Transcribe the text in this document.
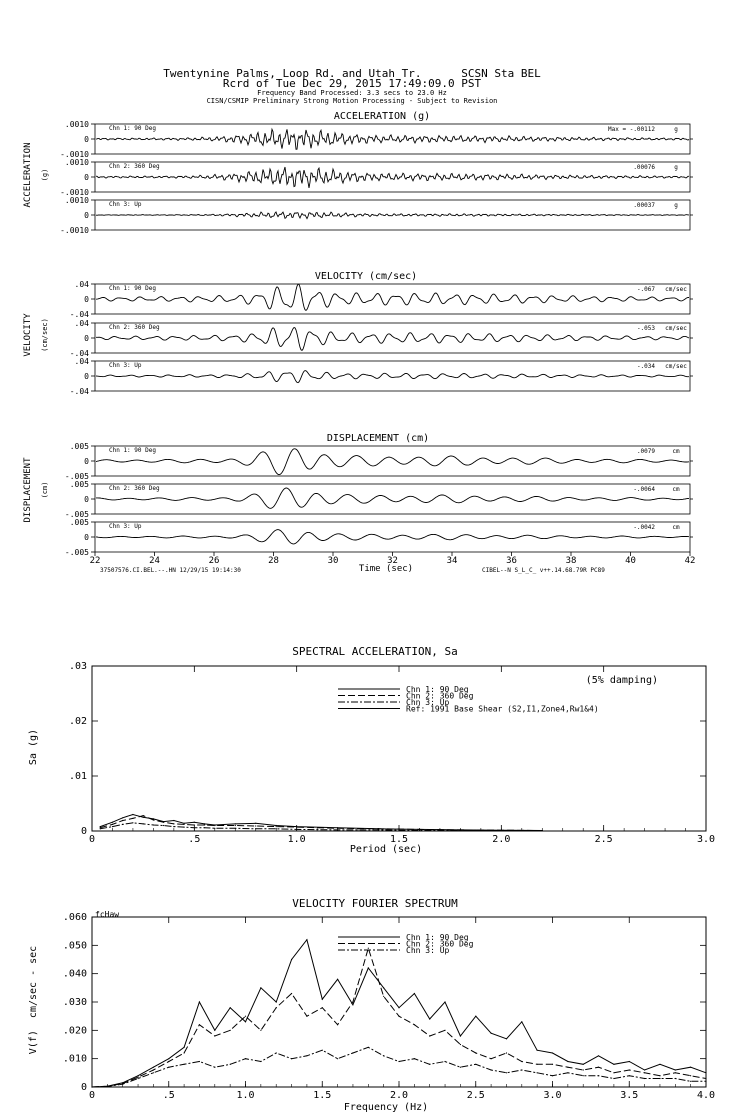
Twentynine Palms, Loop Rd. and Utah Tr.      SCSN Sta BEL
Rcrd of Tue Dec 29, 2015 17:49:09.0 PST
Frequency Band Processed: 3.3 secs to 23.0 Hz
CISN/CSMIP Preliminary Strong Motion Processing - Subject to Revision
ACCELERATION (g)
ACCELERATION (g)
.0010
0
-.0010
Chn 1: 90 Deg	Max = -.00112	g
.0010
0
-.0010
Chn 2: 360 Deg	.00076	g
.0010
0
-.0010
Chn 3: Up	.00037	g
VELOCITY (cm/sec)
VELOCITY (cm/sec)
.04
0
-.04
Chn 1: 90 Deg	-.067 cm/sec
.04
0
-.04
Chn 2: 360 Deg	-.053 cm/sec
.04
0
-.04
Chn 3: Up	-.034 cm/sec
DISPLACEMENT (cm)
DISPLACEMENT (cm)
.005
0
-.005
Chn 1: 90 Deg	.0079	cm
.005
0
-.005
Chn 2: 360 Deg	-.0064	cm
.005
0
-.005
Chn 3: Up	-.0042	cm
22	24	26	28	30	32	34	36	38	40	42
Time (sec)
37507576.CI.BEL.--.HN 12/29/15 19:14:30	CIBEL--N S_L_C_ v++.14.68.79R PC89
SPECTRAL ACCELERATION, Sa
(5% damping)
Period (sec)
Sa (g)
0	.5	1.0	1.5	2.0	2.5	3.0
0
.01
.02
.03
Chn 1: 90 Deg
Chn 2: 360 Deg
Chn 3: Up
Ref: 1991 Base Shear (S2,I1,Zone4,Rw1&4)
VELOCITY FOURIER SPECTRUM
fcHaw
Frequency (Hz)
V(f)  cm/sec - sec
0	.5	1.0	1.5	2.0	2.5	3.0	3.5	4.0
0
.010
.020
.030
.040
.050
.060
Chn 1: 90 Deg
Chn 2: 360 Deg
Chn 3: Up
